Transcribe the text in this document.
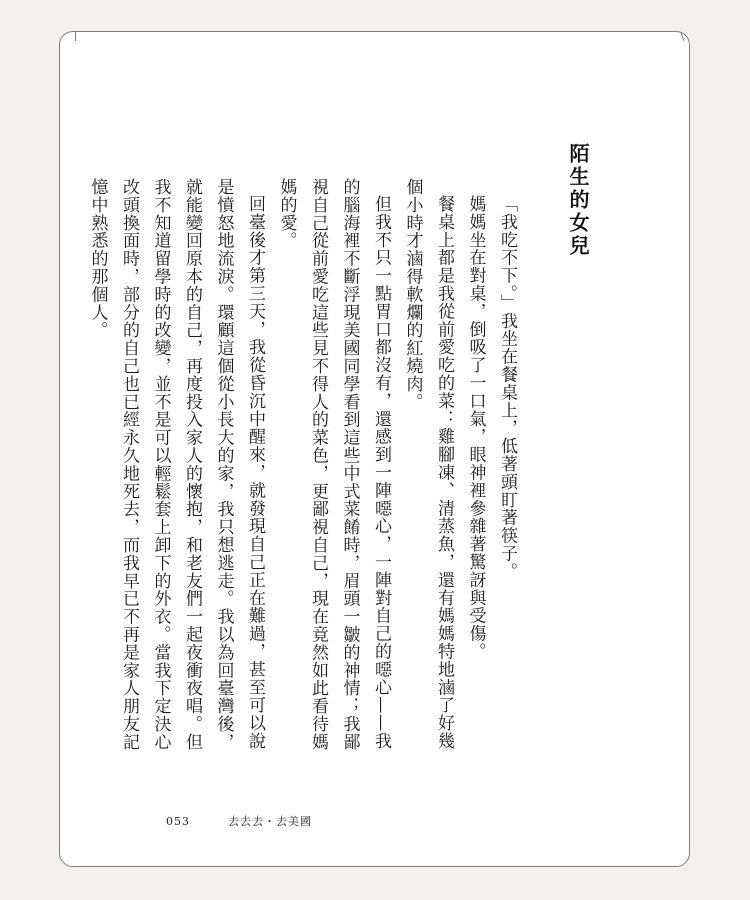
陌生的女兒

「我吃不下。」我坐在餐桌上，低著頭盯著筷子。

媽媽坐在對桌，倒吸了一口氣，眼神裡參雜著驚訝與受傷。

餐桌上都是我從前愛吃的菜：雞腳凍、清蒸魚，還有媽媽特地滷了好幾個小時才滷得軟爛的紅燒肉。

但我不只一點胃口都沒有，還感到一陣噁心，一陣對自己的噁心——我的腦海裡不斷浮現美國同學看到這些中式菜餚時，眉頭一皺的神情；我鄙視自己從前愛吃這些見不得人的菜色，更鄙視自己，現在竟然如此看待媽媽的愛。

回臺後才第三天，我從昏沉中醒來，就發現自己正在難過，甚至可以說是憤怒地流淚。環顧這個從小長大的家，我只想逃走。我以為回臺灣後，就能變回原本的自己，再度投入家人的懷抱，和老友們一起夜衝夜唱。但我不知道留學時的改變，並不是可以輕鬆套上卸下的外衣。當我下定決心改頭換面時，部分的自己也已經永久地死去，而我早已不再是家人朋友記憶中熟悉的那個人。

053	去去去・去美國
